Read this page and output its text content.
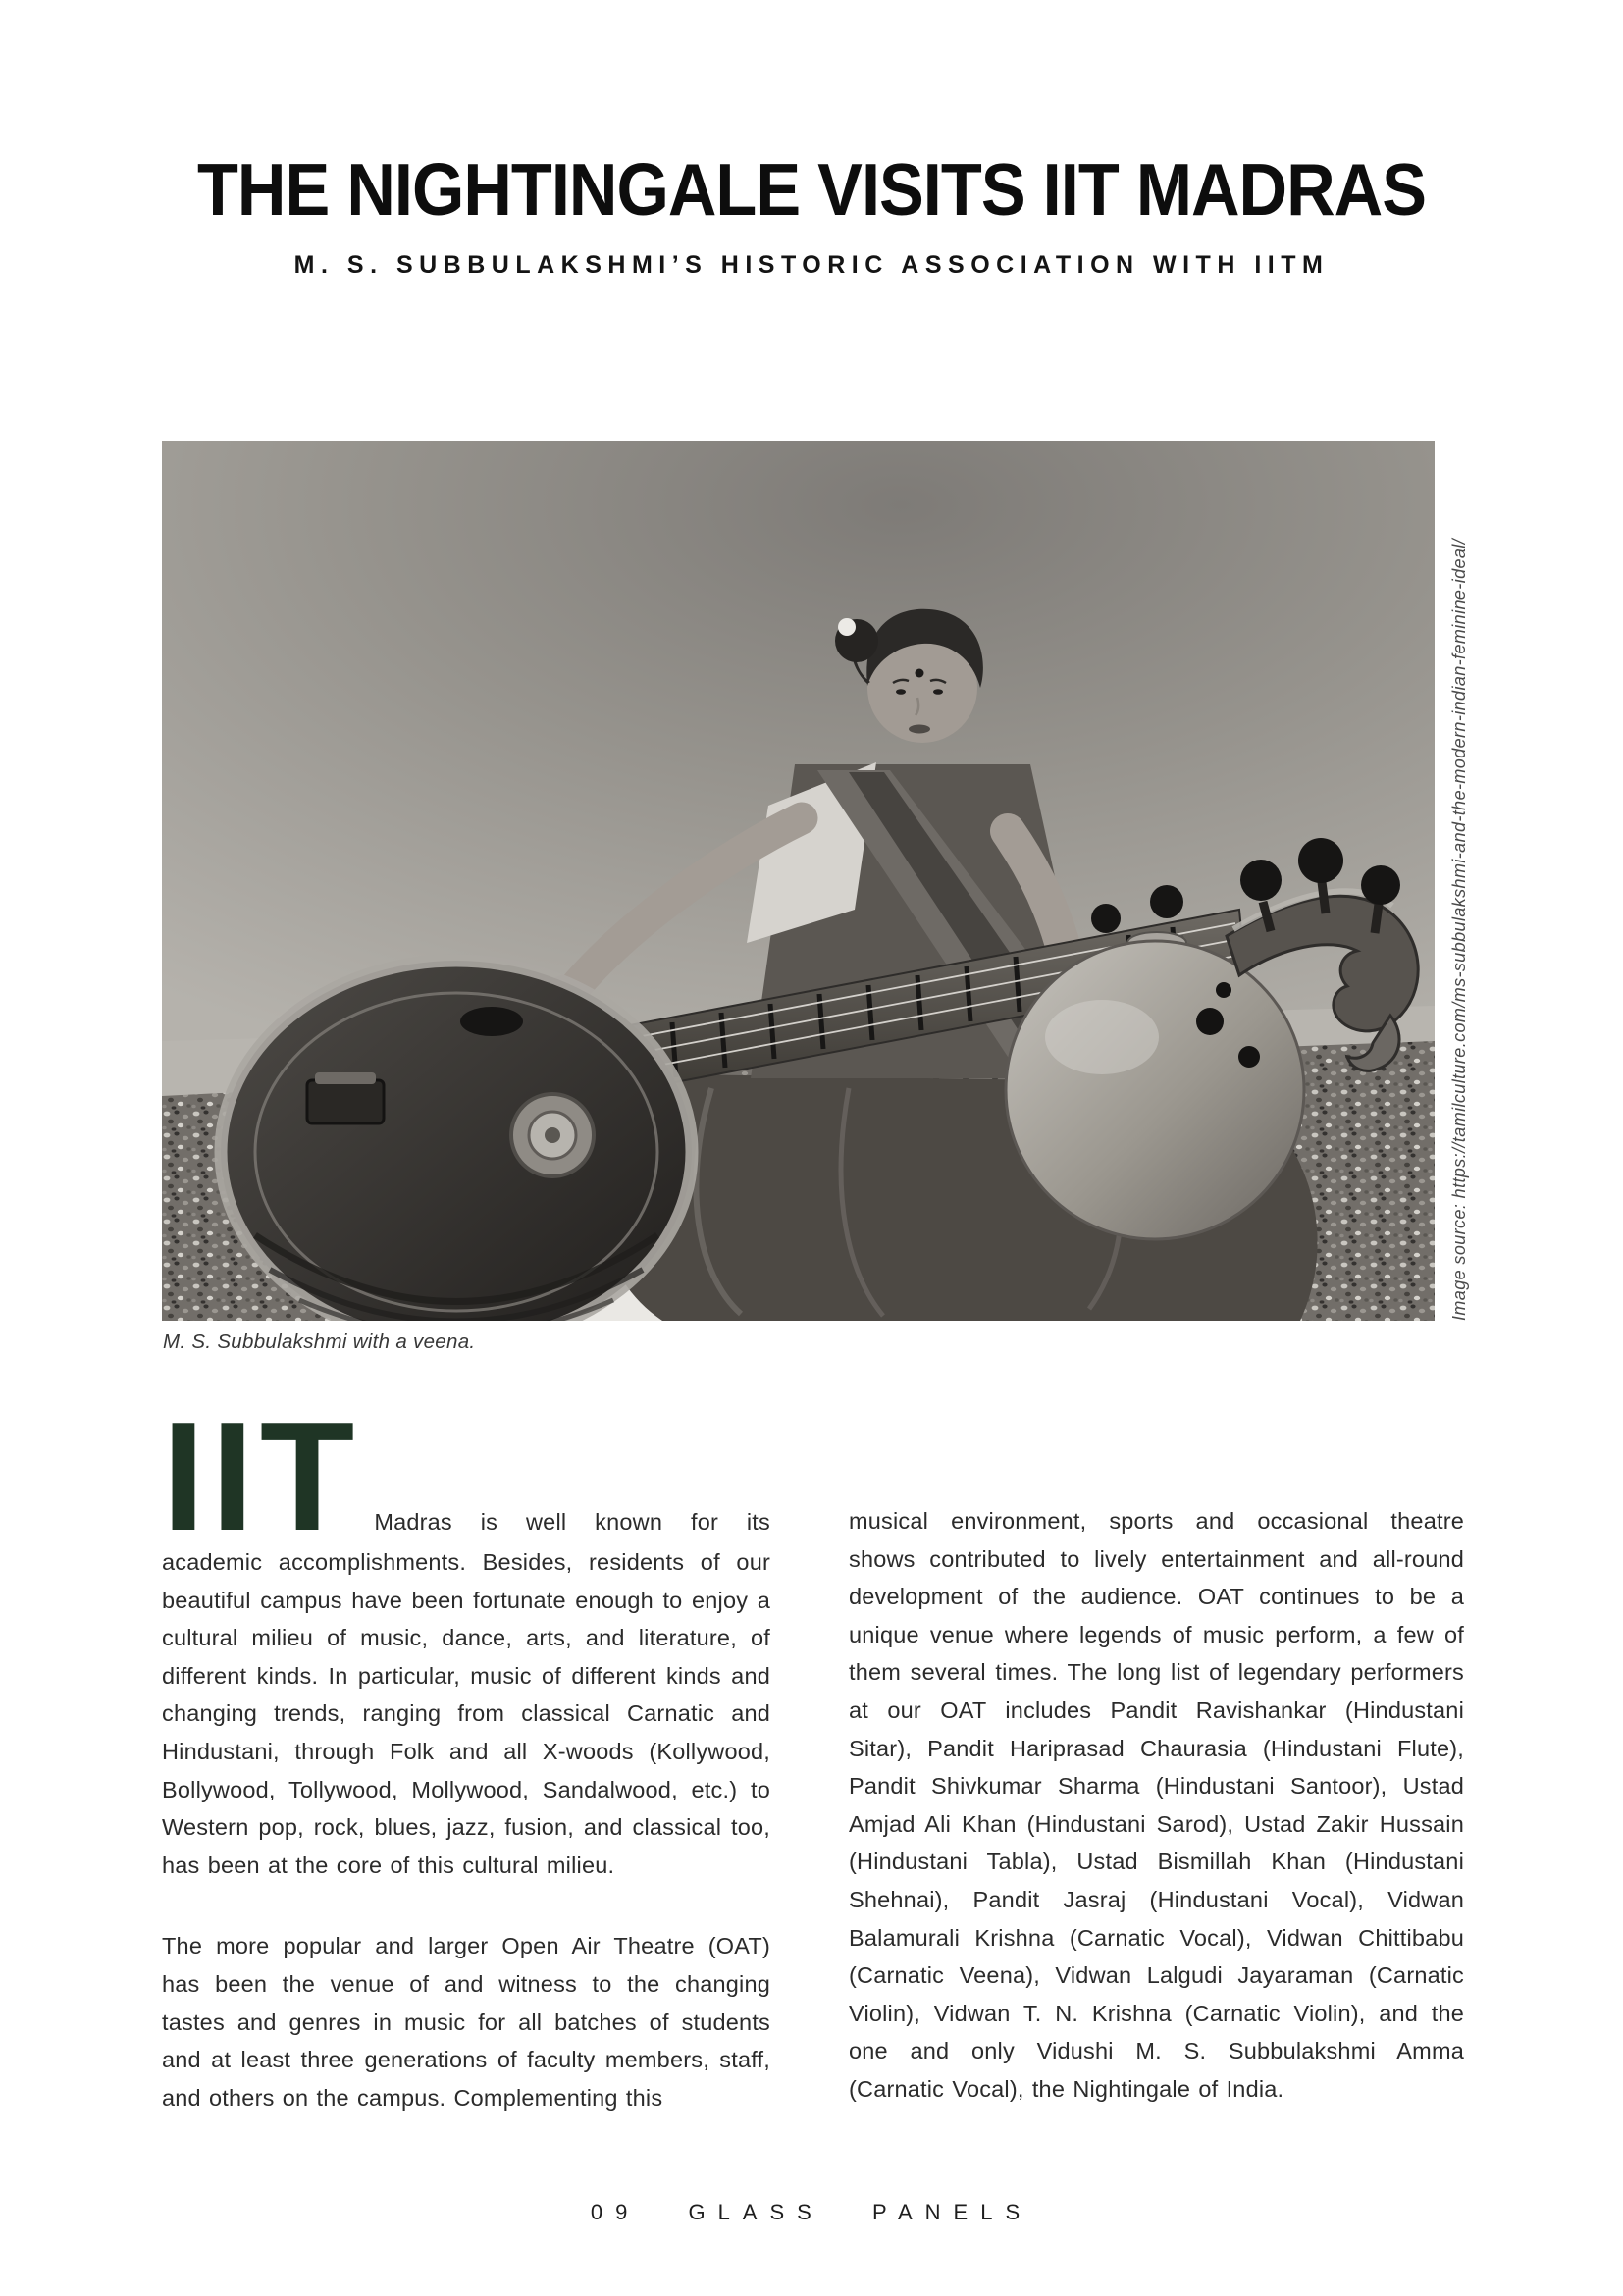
THE NIGHTINGALE VISITS IIT MADRAS
M. S. SUBBULAKSHMI’S HISTORIC ASSOCIATION WITH IITM
Image source: https://tamilculture.com/ms-subbulakshmi-and-the-modern-indian-feminine-ideal/
M. S. Subbulakshmi with a veena.

IIT Madras is well known for its academic accomplishments. Besides, residents of our beautiful campus have been fortunate enough to enjoy a cultural milieu of music, dance, arts, and literature, of different kinds. In particular, music of different kinds and changing trends, ranging from classical Carnatic and Hindustani, through Folk and all X-woods (Kollywood, Bollywood, Tollywood, Mollywood, Sandalwood, etc.) to Western pop, rock, blues, jazz, fusion, and classical too, has been at the core of this cultural milieu.

The more popular and larger Open Air Theatre (OAT) has been the venue of and witness to the changing tastes and genres in music for all batches of students and at least three generations of faculty members, staff, and others on the campus. Complementing this

musical environment, sports and occasional theatre shows contributed to lively entertainment and all-round development of the audience. OAT continues to be a unique venue where legends of music perform, a few of them several times. The long list of legendary performers at our OAT includes Pandit Ravishankar (Hindustani Sitar), Pandit Hariprasad Chaurasia (Hindustani Flute), Pandit Shivkumar Sharma (Hindustani Santoor), Ustad Amjad Ali Khan (Hindustani Sarod), Ustad Zakir Hussain (Hindustani Tabla), Ustad Bismillah Khan (Hindustani Shehnai), Pandit Jasraj (Hindustani Vocal), Vidwan Balamurali Krishna (Carnatic Vocal), Vidwan Chittibabu (Carnatic Veena), Vidwan Lalgudi Jayaraman (Carnatic Violin), Vidwan T. N. Krishna (Carnatic Violin), and the one and only Vidushi M. S. Subbulakshmi Amma (Carnatic Vocal), the Nightingale of India.

09 GLASS PANELS
